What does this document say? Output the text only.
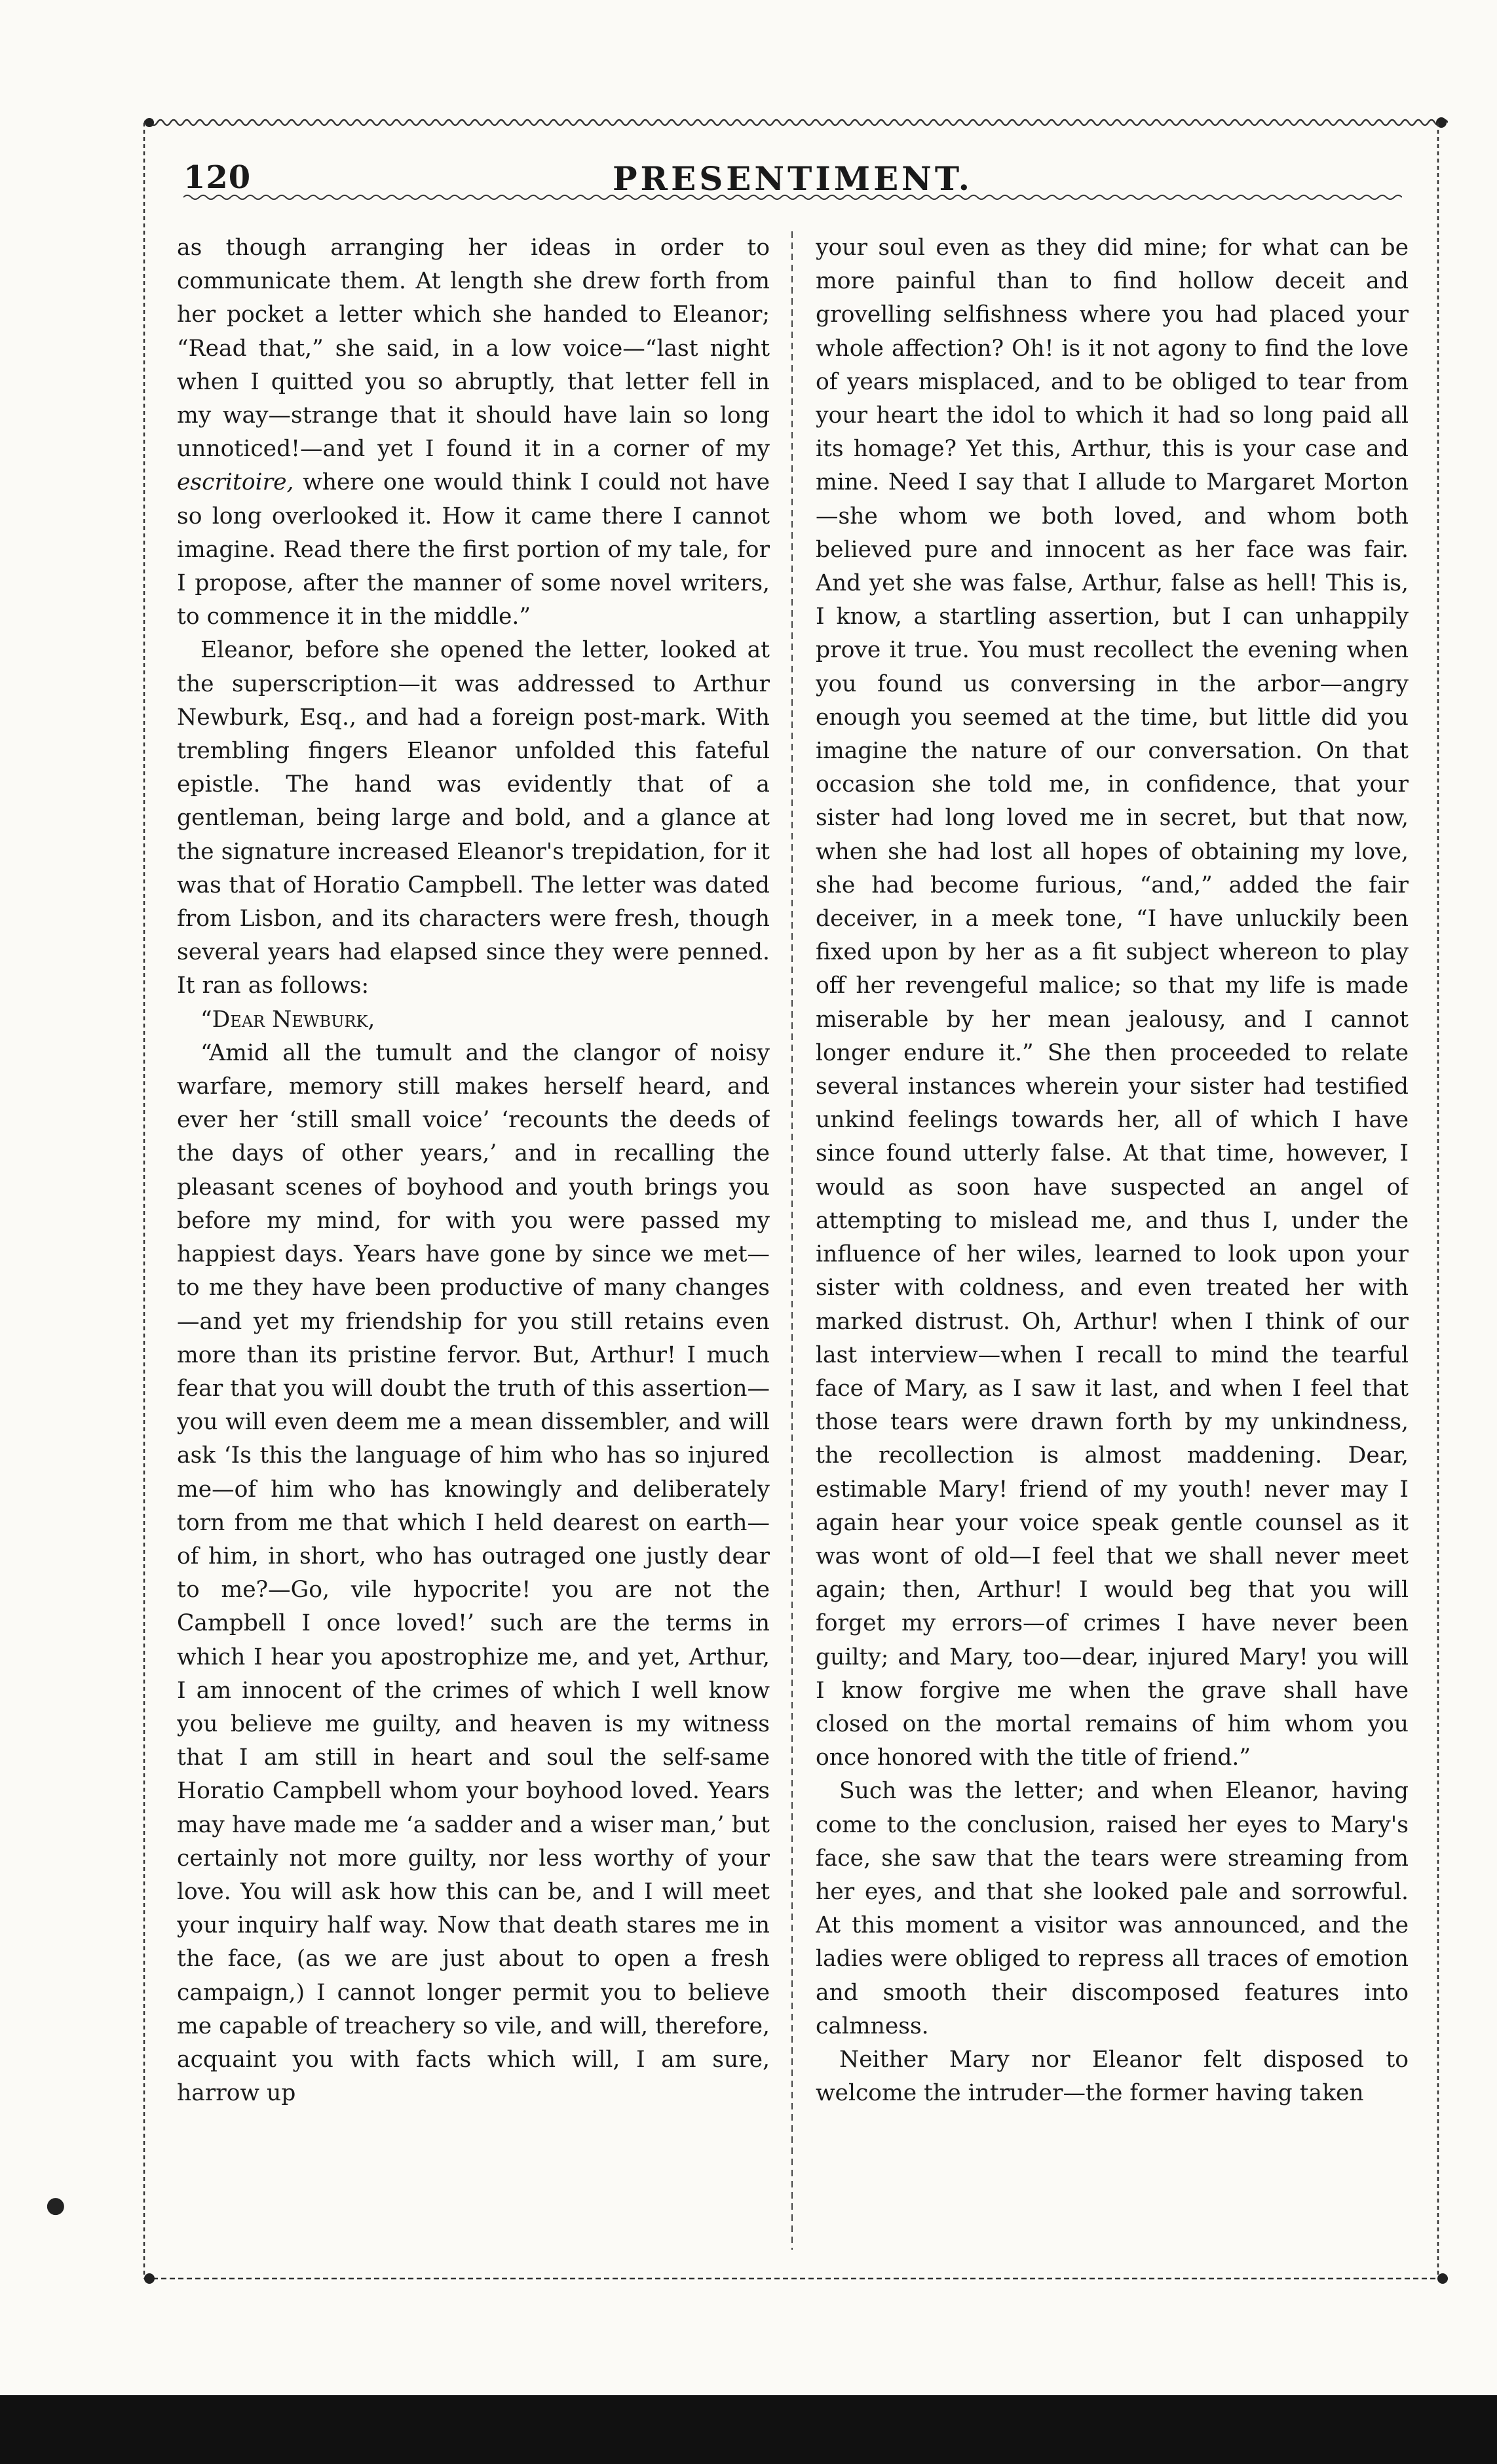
120	PRESENTIMENT.

as though arranging her ideas in order to communicate them. At length she drew forth from her pocket a letter which she handed to Eleanor; “Read that,” she said, in a low voice—“last night when I quitted you so abruptly, that letter fell in my way—strange that it should have lain so long unnoticed!—and yet I found it in a corner of my escritoire, where one would think I could not have so long overlooked it. How it came there I cannot imagine. Read there the first portion of my tale, for I propose, after the manner of some novel writers, to commence it in the middle.”

Eleanor, before she opened the letter, looked at the superscription—it was addressed to Arthur Newburk, Esq., and had a foreign post-mark. With trembling fingers Eleanor unfolded this fateful epistle. The hand was evidently that of a gentleman, being large and bold, and a glance at the signature increased Eleanor's trepidation, for it was that of Horatio Campbell. The letter was dated from Lisbon, and its characters were fresh, though several years had elapsed since they were penned. It ran as follows:

“Dear Newburk,

“Amid all the tumult and the clangor of noisy warfare, memory still makes herself heard, and ever her ‘still small voice’ ‘recounts the deeds of the days of other years,’ and in recalling the pleasant scenes of boyhood and youth brings you before my mind, for with you were passed my happiest days. Years have gone by since we met—to me they have been productive of many changes—and yet my friendship for you still retains even more than its pristine fervor. But, Arthur! I much fear that you will doubt the truth of this assertion—you will even deem me a mean dissembler, and will ask ‘Is this the language of him who has so injured me—of him who has knowingly and deliberately torn from me that which I held dearest on earth—of him, in short, who has outraged one justly dear to me?—Go, vile hypocrite! you are not the Campbell I once loved!’ such are the terms in which I hear you apostrophize me, and yet, Arthur, I am innocent of the crimes of which I well know you believe me guilty, and heaven is my witness that I am still in heart and soul the self-same Horatio Campbell whom your boyhood loved. Years may have made me ‘a sadder and a wiser man,’ but certainly not more guilty, nor less worthy of your love. You will ask how this can be, and I will meet your inquiry half way. Now that death stares me in the face, (as we are just about to open a fresh campaign,) I cannot longer permit you to believe me capable of treachery so vile, and will, therefore, acquaint you with facts which will, I am sure, harrow up

your soul even as they did mine; for what can be more painful than to find hollow deceit and grovelling selfishness where you had placed your whole affection? Oh! is it not agony to find the love of years misplaced, and to be obliged to tear from your heart the idol to which it had so long paid all its homage? Yet this, Arthur, this is your case and mine. Need I say that I allude to Margaret Morton—she whom we both loved, and whom both believed pure and innocent as her face was fair. And yet she was false, Arthur, false as hell! This is, I know, a startling assertion, but I can unhappily prove it true. You must recollect the evening when you found us conversing in the arbor—angry enough you seemed at the time, but little did you imagine the nature of our conversation. On that occasion she told me, in confidence, that your sister had long loved me in secret, but that now, when she had lost all hopes of obtaining my love, she had become furious, “and,” added the fair deceiver, in a meek tone, “I have unluckily been fixed upon by her as a fit subject whereon to play off her revengeful malice; so that my life is made miserable by her mean jealousy, and I cannot longer endure it.” She then proceeded to relate several instances wherein your sister had testified unkind feelings towards her, all of which I have since found utterly false. At that time, however, I would as soon have suspected an angel of attempting to mislead me, and thus I, under the influence of her wiles, learned to look upon your sister with coldness, and even treated her with marked distrust. Oh, Arthur! when I think of our last interview—when I recall to mind the tearful face of Mary, as I saw it last, and when I feel that those tears were drawn forth by my unkindness, the recollection is almost maddening. Dear, estimable Mary! friend of my youth! never may I again hear your voice speak gentle counsel as it was wont of old—I feel that we shall never meet again; then, Arthur! I would beg that you will forget my errors—of crimes I have never been guilty; and Mary, too—dear, injured Mary! you will I know forgive me when the grave shall have closed on the mortal remains of him whom you once honored with the title of friend.”

Such was the letter; and when Eleanor, having come to the conclusion, raised her eyes to Mary's face, she saw that the tears were streaming from her eyes, and that she looked pale and sorrowful. At this moment a visitor was announced, and the ladies were obliged to repress all traces of emotion and smooth their discomposed features into calmness.

Neither Mary nor Eleanor felt disposed to welcome the intruder—the former having taken

●
